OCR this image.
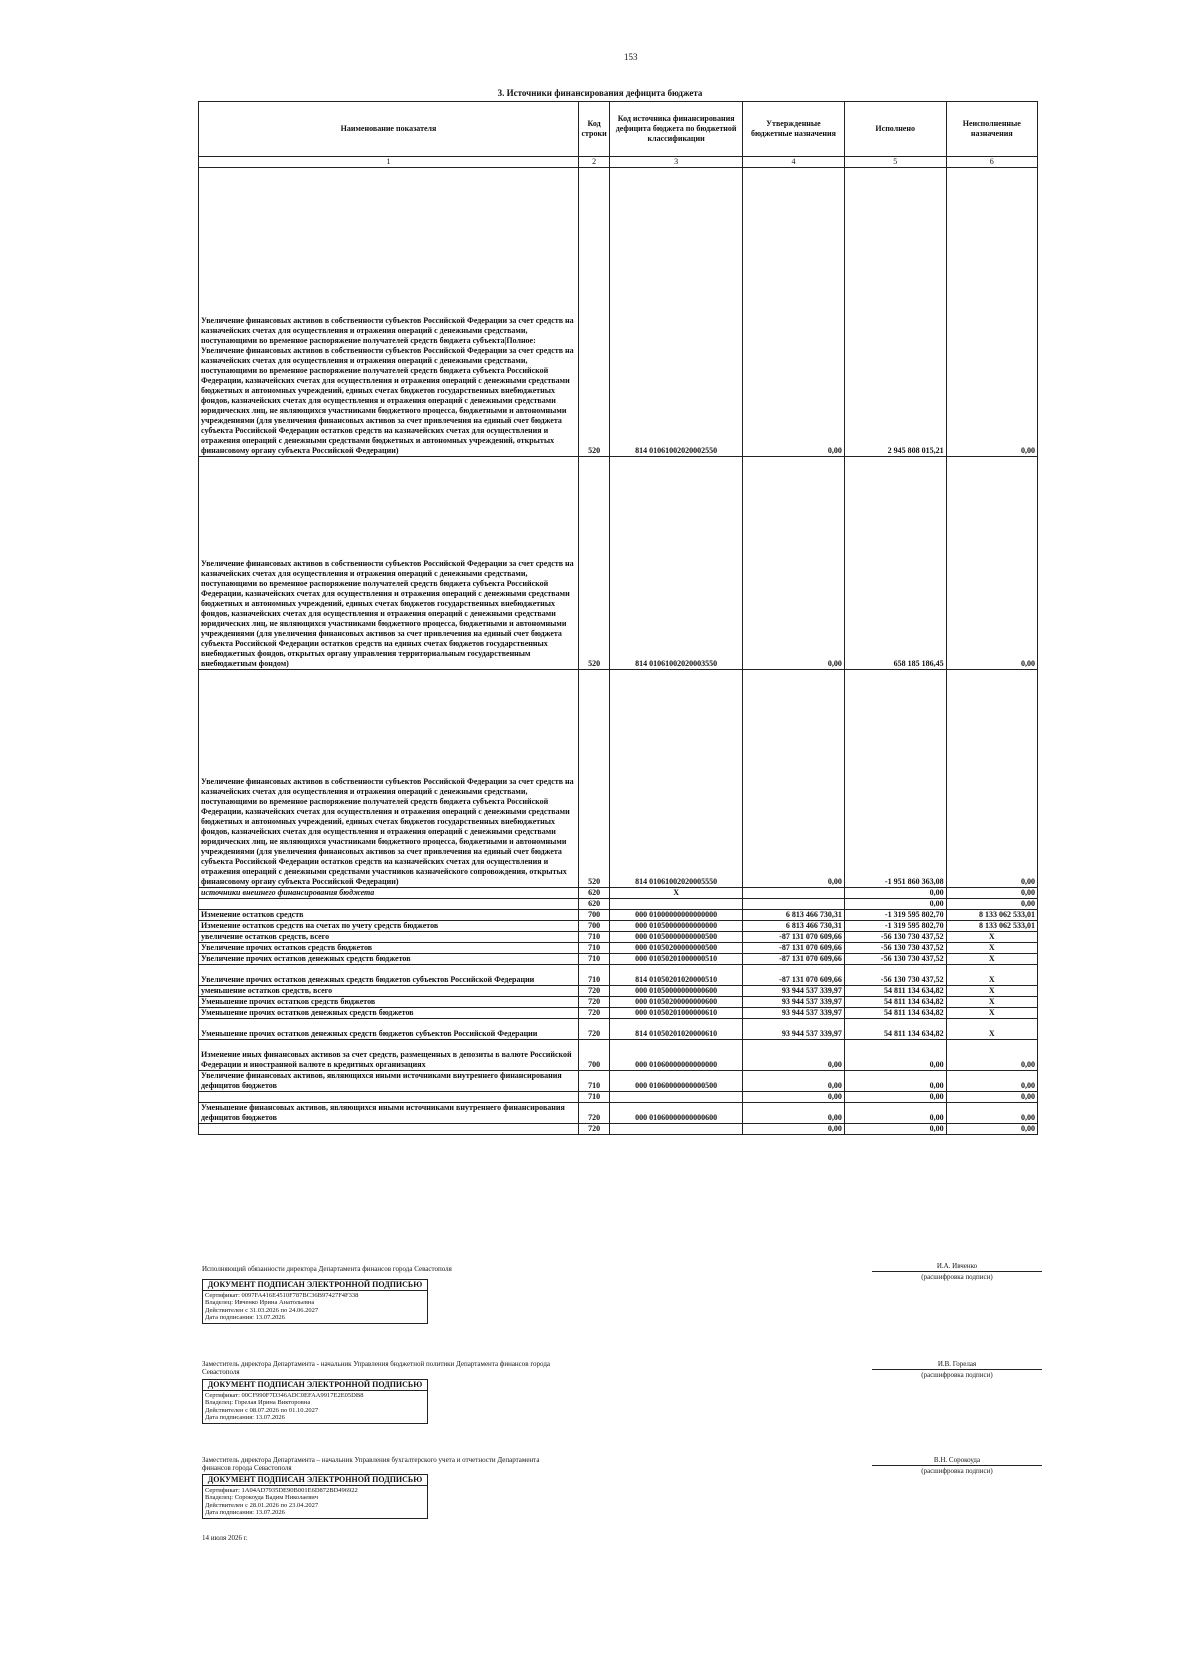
153
3. Источники финансирования дефицита бюджета
Наименование показателя	Код строки	Код источника финансирования дефицита бюджета по бюджетной классификации	Утвержденные бюджетные назначения	Исполнено	Неисполненные назначения
1	2	3	4	5	6
Увеличение финансовых активов в собственности субъектов Российской Федерации за счет средств на казначейских счетах для осуществления и отражения операций с денежными средствами, поступающими во временное распоряжение получателей средств бюджета субъекта|Полное: Увеличение финансовых активов в собственности субъектов Российской Федерации за счет средств на казначейских счетах для осуществления и отражения операций с денежными средствами, поступающими во временное распоряжение получателей средств бюджета субъекта Российской Федерации, казначейских счетах для осуществления и отражения операций с денежными средствами бюджетных и автономных учреждений, единых счетах бюджетов государственных внебюджетных фондов, казначейских счетах для осуществления и отражения операций с денежными средствами юридических лиц, не являющихся участниками бюджетного процесса, бюджетными и автономными учреждениями (для увеличения финансовых активов за счет привлечения на единый счет бюджета субъекта Российской Федерации остатков средств на казначейских счетах для осуществления и отражения операций с денежными средствами бюджетных и автономных учреждений, открытых финансовому органу субъекта Российской Федерации)	520	814 01061002020002550	0,00	2 945 808 015,21	0,00
Увеличение финансовых активов в собственности субъектов Российской Федерации за счет средств на казначейских счетах для осуществления и отражения операций с денежными средствами, поступающими во временное распоряжение получателей средств бюджета субъекта Российской Федерации, казначейских счетах для осуществления и отражения операций с денежными средствами бюджетных и автономных учреждений, единых счетах бюджетов государственных внебюджетных фондов, казначейских счетах для осуществления и отражения операций с денежными средствами юридических лиц, не являющихся участниками бюджетного процесса, бюджетными и автономными учреждениями (для увеличения финансовых активов за счет привлечения на единый счет бюджета субъекта Российской Федерации остатков средств на единых счетах бюджетов государственных внебюджетных фондов, открытых органу управления территориальным государственным внебюджетным фондом)	520	814 01061002020003550	0,00	658 185 186,45	0,00
Увеличение финансовых активов в собственности субъектов Российской Федерации за счет средств на казначейских счетах для осуществления и отражения операций с денежными средствами, поступающими во временное распоряжение получателей средств бюджета субъекта Российской Федерации, казначейских счетах для осуществления и отражения операций с денежными средствами бюджетных и автономных учреждений, единых счетах бюджетов государственных внебюджетных фондов, казначейских счетах для осуществления и отражения операций с денежными средствами юридических лиц, не являющихся участниками бюджетного процесса, бюджетными и автономными учреждениями (для увеличения финансовых активов за счет привлечения на единый счет бюджета субъекта Российской Федерации остатков средств на казначейских счетах для осуществления и отражения операций с денежными средствами участников казначейского сопровождения, открытых финансовому органу субъекта Российской Федерации)	520	814 01061002020005550	0,00	-1 951 860 363,08	0,00
источники внешнего финансирования бюджета	620	X		0,00	0,00
	620			0,00	0,00
Изменение остатков средств	700	000 01000000000000000	6 813 466 730,31	-1 319 595 802,70	8 133 062 533,01
Изменение остатков средств на счетах по учету средств бюджетов	700	000 01050000000000000	6 813 466 730,31	-1 319 595 802,70	8 133 062 533,01
увеличение остатков средств, всего	710	000 01050000000000500	-87 131 070 609,66	-56 130 730 437,52	X
Увеличение прочих остатков средств бюджетов	710	000 01050200000000500	-87 131 070 609,66	-56 130 730 437,52	X
Увеличение прочих остатков денежных средств бюджетов	710	000 01050201000000510	-87 131 070 609,66	-56 130 730 437,52	X
Увеличение прочих остатков денежных средств бюджетов субъектов Российской Федерации	710	814 01050201020000510	-87 131 070 609,66	-56 130 730 437,52	X
уменьшение остатков средств, всего	720	000 01050000000000600	93 944 537 339,97	54 811 134 634,82	X
Уменьшение прочих остатков средств бюджетов	720	000 01050200000000600	93 944 537 339,97	54 811 134 634,82	X
Уменьшение прочих остатков денежных средств бюджетов	720	000 01050201000000610	93 944 537 339,97	54 811 134 634,82	X
Уменьшение прочих остатков денежных средств бюджетов субъектов Российской Федерации	720	814 01050201020000610	93 944 537 339,97	54 811 134 634,82	X
Изменение иных финансовых активов за счет средств, размещенных в депозиты в валюте Российской Федерации и иностранной валюте в кредитных организациях	700	000 01060000000000000	0,00	0,00	0,00
Увеличение финансовых активов, являющихся иными источниками внутреннего финансирования дефицитов бюджетов	710	000 01060000000000500	0,00	0,00	0,00
	710		0,00	0,00	0,00
Уменьшение финансовых активов, являющихся иными источниками внутреннего финансирования дефицитов бюджетов	720	000 01060000000000600	0,00	0,00	0,00
	720		0,00	0,00	0,00
Исполняющий обязанности директора Департамента финансов города Севастополя	И.А. Ивченко
(расшифровка подписи)
ДОКУМЕНТ ПОДПИСАН ЭЛЕКТРОННОЙ ПОДПИСЬЮ
Сертификат: 0097FA416E4510F787BC36B97427F4F338
Владелец: Ивченко Ирина Анатольевна
Действителен с 31.03.2026 по 24.06.2027
Дата подписания: 13.07.2026
Заместитель директора Департамента - начальник Управления бюджетной политики Департамента финансов города Севастополя
И.В. Горелая
(расшифровка подписи)
ДОКУМЕНТ ПОДПИСАН ЭЛЕКТРОННОЙ ПОДПИСЬЮ
Сертификат: 00CF990F7D346ADC0EFAA9917E2E05DB8
Владелец: Горелая Ирина Викторовна
Действителен с 08.07.2026 по 01.10.2027
Дата подписания: 13.07.2026
Заместитель директора Департамента – начальник Управления бухгалтерского учета и отчетности Департамента финансов города Севастополя
В.Н. Сорокоуда
(расшифровка подписи)
ДОКУМЕНТ ПОДПИСАН ЭЛЕКТРОННОЙ ПОДПИСЬЮ
Сертификат: 1A04AD7935DE90B001E6D872BD496922
Владелец: Сорокоуда Вадим Николаевич
Действителен с 28.01.2026 по 23.04.2027
Дата подписания: 13.07.2026
14 июля 2026 г.
